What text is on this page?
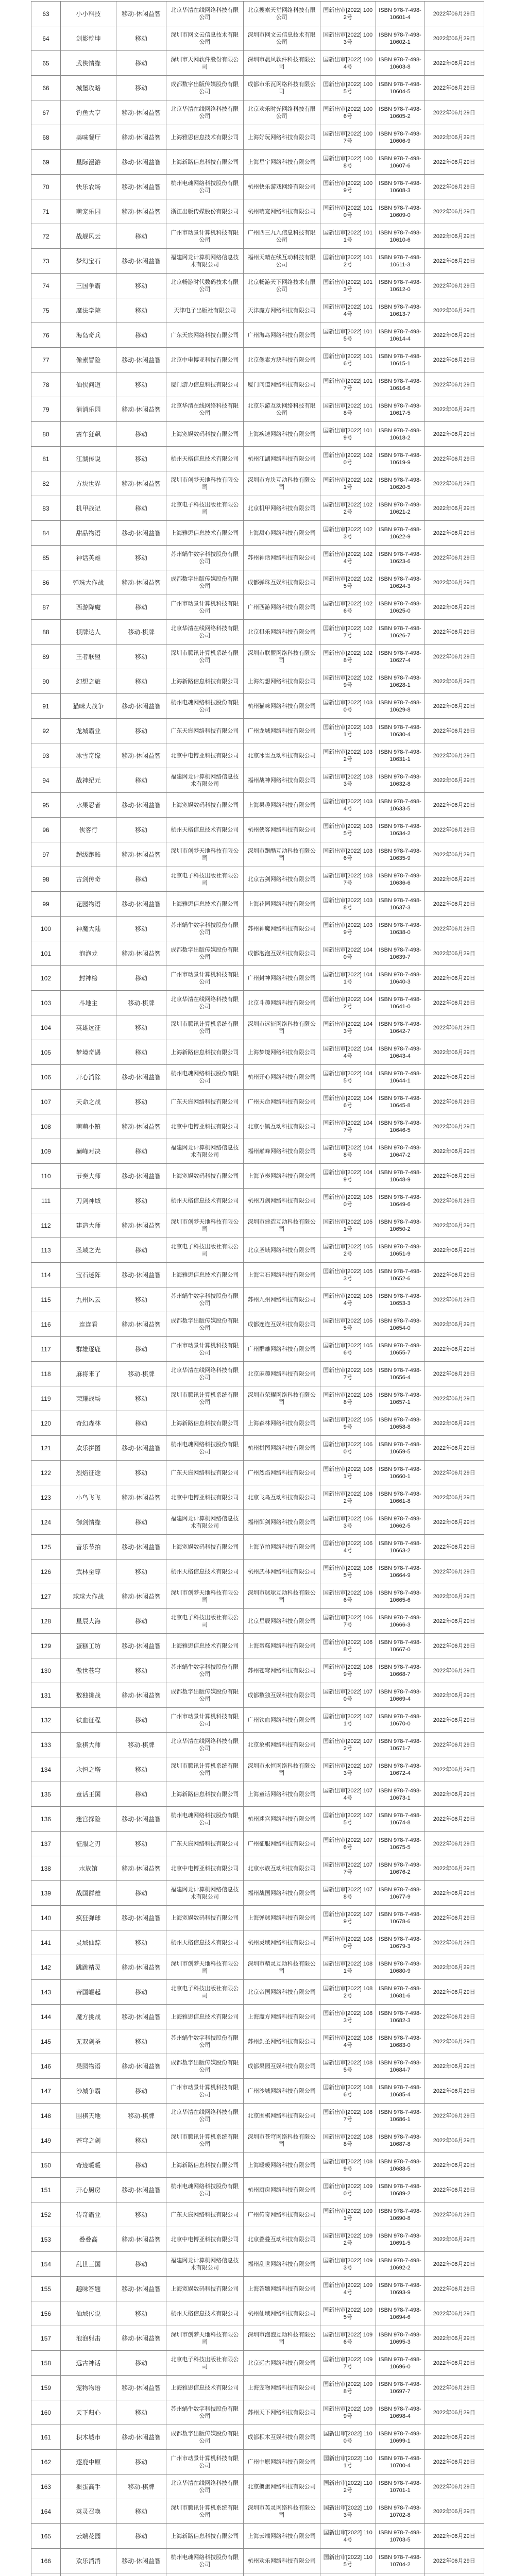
63	小小科技	移动·休闲益智	北京华清在线网络科技有限公司	北京搜索天堂网络科技有限公司	国新出审[2022] 1002号	ISBN 978-7-498-10601-4	2022年06月29日
64	剑影乾坤	移动	深圳市网文云信息技术有限公司	深圳市网文云信息技术有限公司	国新出审[2022] 1003号	ISBN 978-7-498-10602-1	2022年06月29日
65	武侠情缘	移动	深圳市天网软件股份有限公司	深圳市晨风软件科技有限公司	国新出审[2022] 1004号	ISBN 978-7-498-10603-8	2022年06月29日
66	城堡攻略	移动	成都数字出版传媒股份有限公司	成都市乐瓦网络科技有限公司	国新出审[2022] 1005号	ISBN 978-7-498-10604-5	2022年06月29日
67	钓鱼大亨	移动·休闲益智	北京华清在线网络科技有限公司	北京欢乐时光网络科技有限公司	国新出审[2022] 1006号	ISBN 978-7-498-10605-2	2022年06月29日
68	美味餐厅	移动·休闲益智	上海雅思信息技术有限公司	上海好玩网络科技有限公司	国新出审[2022] 1007号	ISBN 978-7-498-10606-9	2022年06月29日
69	星际漫游	移动·休闲益智	上海新路信息科技有限公司	上海星宇网络科技有限公司	国新出审[2022] 1008号	ISBN 978-7-498-10607-6	2022年06月29日
70	快乐农场	移动·休闲益智	杭州电魂网络科技股份有限公司	杭州快乐游戏网络有限公司	国新出审[2022] 1009号	ISBN 978-7-498-10608-3	2022年06月29日
71	萌宠乐园	移动·休闲益智	浙江出版传媒股份有限公司	杭州萌宠网络科技有限公司	国新出审[2022] 1010号	ISBN 978-7-498-10609-0	2022年06月29日
72	战舰风云	移动	广州市动景计算机科技有限公司	广州四三九九信息科技有限公司	国新出审[2022] 1011号	ISBN 978-7-498-10610-6	2022年06月29日
73	梦幻宝石	移动·休闲益智	福建网龙计算机网络信息技术有限公司	福州天晴在线互动科技有限公司	国新出审[2022] 1012号	ISBN 978-7-498-10611-3	2022年06月29日
74	三国争霸	移动	北京畅游时代数码技术有限公司	北京畅游天下网络技术有限公司	国新出审[2022] 1013号	ISBN 978-7-498-10612-0	2022年06月29日
75	魔法学院	移动	天津电子出版社有限公司	天津魔方网络科技有限公司	国新出审[2022] 1014号	ISBN 978-7-498-10613-7	2022年06月29日
76	海岛奇兵	移动	广东天宸网络科技有限公司	广州海岛网络科技有限公司	国新出审[2022] 1015号	ISBN 978-7-498-10614-4	2022年06月29日
77	像素冒险	移动·休闲益智	北京中电博亚科技有限公司	北京像素方块科技有限公司	国新出审[2022] 1016号	ISBN 978-7-498-10615-1	2022年06月29日
78	仙侠问道	移动	厦门游力信息科技有限公司	厦门问道网络科技有限公司	国新出审[2022] 1017号	ISBN 978-7-498-10616-8	2022年06月29日
79	消消乐园	移动·休闲益智	北京华清在线网络科技有限公司	北京乐游互动网络科技有限公司	国新出审[2022] 1018号	ISBN 978-7-498-10617-5	2022年06月29日
80	赛车狂飙	移动	上海宽娱数码科技有限公司	上海疾速网络科技有限公司	国新出审[2022] 1019号	ISBN 978-7-498-10618-2	2022年06月29日
81	江湖传说	移动	杭州天格信息技术有限公司	杭州江湖网络科技有限公司	国新出审[2022] 1020号	ISBN 978-7-498-10619-9	2022年06月29日
82	方块世界	移动·休闲益智	深圳市创梦天地科技有限公司	深圳市方块互动科技有限公司	国新出审[2022] 1021号	ISBN 978-7-498-10620-5	2022年06月29日
83	机甲战记	移动	北京电子科技出版社有限公司	北京机甲网络科技有限公司	国新出审[2022] 1022号	ISBN 978-7-498-10621-2	2022年06月29日
84	甜品物语	移动·休闲益智	上海雅思信息技术有限公司	上海甜心网络科技有限公司	国新出审[2022] 1023号	ISBN 978-7-498-10622-9	2022年06月29日
85	神话英雄	移动	苏州蜗牛数字科技股份有限公司	苏州神话网络科技有限公司	国新出审[2022] 1024号	ISBN 978-7-498-10623-6	2022年06月29日
86	弹珠大作战	移动·休闲益智	成都数字出版传媒股份有限公司	成都弹珠互娱科技有限公司	国新出审[2022] 1025号	ISBN 978-7-498-10624-3	2022年06月29日
87	西游降魔	移动	广州市动景计算机科技有限公司	广州西游网络科技有限公司	国新出审[2022] 1026号	ISBN 978-7-498-10625-0	2022年06月29日
88	棋牌达人	移动·棋牌	北京华清在线网络科技有限公司	北京棋乐网络科技有限公司	国新出审[2022] 1027号	ISBN 978-7-498-10626-7	2022年06月29日
89	王者联盟	移动	深圳市腾讯计算机系统有限公司	深圳市联盟网络科技有限公司	国新出审[2022] 1028号	ISBN 978-7-498-10627-4	2022年06月29日
90	幻想之旅	移动	上海新路信息科技有限公司	上海幻想网络科技有限公司	国新出审[2022] 1029号	ISBN 978-7-498-10628-1	2022年06月29日
91	猫咪大战争	移动·休闲益智	杭州电魂网络科技股份有限公司	杭州猫咪网络科技有限公司	国新出审[2022] 1030号	ISBN 978-7-498-10629-8	2022年06月29日
92	龙城霸业	移动	广东天宸网络科技有限公司	广州龙城网络科技有限公司	国新出审[2022] 1031号	ISBN 978-7-498-10630-4	2022年06月29日
93	冰雪奇缘	移动·休闲益智	北京中电博亚科技有限公司	北京冰雪互动科技有限公司	国新出审[2022] 1032号	ISBN 978-7-498-10631-1	2022年06月29日
94	战神纪元	移动	福建网龙计算机网络信息技术有限公司	福州战神网络科技有限公司	国新出审[2022] 1033号	ISBN 978-7-498-10632-8	2022年06月29日
95	水果忍者	移动·休闲益智	上海宽娱数码科技有限公司	上海果趣网络科技有限公司	国新出审[2022] 1034号	ISBN 978-7-498-10633-5	2022年06月29日
96	侠客行	移动	杭州天格信息技术有限公司	杭州侠客网络科技有限公司	国新出审[2022] 1035号	ISBN 978-7-498-10634-2	2022年06月29日
97	超级跑酷	移动·休闲益智	深圳市创梦天地科技有限公司	深圳市跑酷互动科技有限公司	国新出审[2022] 1036号	ISBN 978-7-498-10635-9	2022年06月29日
98	古剑传奇	移动	北京电子科技出版社有限公司	北京古剑网络科技有限公司	国新出审[2022] 1037号	ISBN 978-7-498-10636-6	2022年06月29日
99	花园物语	移动·休闲益智	上海雅思信息技术有限公司	上海花园网络科技有限公司	国新出审[2022] 1038号	ISBN 978-7-498-10637-3	2022年06月29日
100	神魔大陆	移动	苏州蜗牛数字科技股份有限公司	苏州神魔网络科技有限公司	国新出审[2022] 1039号	ISBN 978-7-498-10638-0	2022年06月29日
101	泡泡龙	移动·休闲益智	成都数字出版传媒股份有限公司	成都泡泡互娱科技有限公司	国新出审[2022] 1040号	ISBN 978-7-498-10639-7	2022年06月29日
102	封神榜	移动	广州市动景计算机科技有限公司	广州封神网络科技有限公司	国新出审[2022] 1041号	ISBN 978-7-498-10640-3	2022年06月29日
103	斗地主	移动·棋牌	北京华清在线网络科技有限公司	北京斗趣网络科技有限公司	国新出审[2022] 1042号	ISBN 978-7-498-10641-0	2022年06月29日
104	英雄远征	移动	深圳市腾讯计算机系统有限公司	深圳市远征网络科技有限公司	国新出审[2022] 1043号	ISBN 978-7-498-10642-7	2022年06月29日
105	梦境奇遇	移动	上海新路信息科技有限公司	上海梦境网络科技有限公司	国新出审[2022] 1044号	ISBN 978-7-498-10643-4	2022年06月29日
106	开心消除	移动·休闲益智	杭州电魂网络科技股份有限公司	杭州开心网络科技有限公司	国新出审[2022] 1045号	ISBN 978-7-498-10644-1	2022年06月29日
107	天命之战	移动	广东天宸网络科技有限公司	广州天命网络科技有限公司	国新出审[2022] 1046号	ISBN 978-7-498-10645-8	2022年06月29日
108	萌萌小镇	移动·休闲益智	北京中电博亚科技有限公司	北京小镇互动科技有限公司	国新出审[2022] 1047号	ISBN 978-7-498-10646-5	2022年06月29日
109	巅峰对决	移动	福建网龙计算机网络信息技术有限公司	福州巅峰网络科技有限公司	国新出审[2022] 1048号	ISBN 978-7-498-10647-2	2022年06月29日
110	节奏大师	移动·休闲益智	上海宽娱数码科技有限公司	上海节奏网络科技有限公司	国新出审[2022] 1049号	ISBN 978-7-498-10648-9	2022年06月29日
111	刀剑神域	移动	杭州天格信息技术有限公司	杭州刀剑网络科技有限公司	国新出审[2022] 1050号	ISBN 978-7-498-10649-6	2022年06月29日
112	建造大师	移动·休闲益智	深圳市创梦天地科技有限公司	深圳市建造互动科技有限公司	国新出审[2022] 1051号	ISBN 978-7-498-10650-2	2022年06月29日
113	圣域之光	移动	北京电子科技出版社有限公司	北京圣域网络科技有限公司	国新出审[2022] 1052号	ISBN 978-7-498-10651-9	2022年06月29日
114	宝石迷阵	移动·休闲益智	上海雅思信息技术有限公司	上海宝石网络科技有限公司	国新出审[2022] 1053号	ISBN 978-7-498-10652-6	2022年06月29日
115	九州风云	移动	苏州蜗牛数字科技股份有限公司	苏州九州网络科技有限公司	国新出审[2022] 1054号	ISBN 978-7-498-10653-3	2022年06月29日
116	连连看	移动·休闲益智	成都数字出版传媒股份有限公司	成都连连互娱科技有限公司	国新出审[2022] 1055号	ISBN 978-7-498-10654-0	2022年06月29日
117	群雄逐鹿	移动	广州市动景计算机科技有限公司	广州群雄网络科技有限公司	国新出审[2022] 1056号	ISBN 978-7-498-10655-7	2022年06月29日
118	麻将来了	移动·棋牌	北京华清在线网络科技有限公司	北京麻趣网络科技有限公司	国新出审[2022] 1057号	ISBN 978-7-498-10656-4	2022年06月29日
119	荣耀战场	移动	深圳市腾讯计算机系统有限公司	深圳市荣耀网络科技有限公司	国新出审[2022] 1058号	ISBN 978-7-498-10657-1	2022年06月29日
120	奇幻森林	移动	上海新路信息科技有限公司	上海森林网络科技有限公司	国新出审[2022] 1059号	ISBN 978-7-498-10658-8	2022年06月29日
121	欢乐拼图	移动·休闲益智	杭州电魂网络科技股份有限公司	杭州拼图网络科技有限公司	国新出审[2022] 1060号	ISBN 978-7-498-10659-5	2022年06月29日
122	烈焰征途	移动	广东天宸网络科技有限公司	广州烈焰网络科技有限公司	国新出审[2022] 1061号	ISBN 978-7-498-10660-1	2022年06月29日
123	小鸟飞飞	移动·休闲益智	北京中电博亚科技有限公司	北京飞鸟互动科技有限公司	国新出审[2022] 1062号	ISBN 978-7-498-10661-8	2022年06月29日
124	御剑情缘	移动	福建网龙计算机网络信息技术有限公司	福州御剑网络科技有限公司	国新出审[2022] 1063号	ISBN 978-7-498-10662-5	2022年06月29日
125	音乐节拍	移动·休闲益智	上海宽娱数码科技有限公司	上海节拍网络科技有限公司	国新出审[2022] 1064号	ISBN 978-7-498-10663-2	2022年06月29日
126	武林至尊	移动	杭州天格信息技术有限公司	杭州武林网络科技有限公司	国新出审[2022] 1065号	ISBN 978-7-498-10664-9	2022年06月29日
127	球球大作战	移动·休闲益智	深圳市创梦天地科技有限公司	深圳市球球互动科技有限公司	国新出审[2022] 1066号	ISBN 978-7-498-10665-6	2022年06月29日
128	星辰大海	移动	北京电子科技出版社有限公司	北京星辰网络科技有限公司	国新出审[2022] 1067号	ISBN 978-7-498-10666-3	2022年06月29日
129	蛋糕工坊	移动·休闲益智	上海雅思信息技术有限公司	上海蛋糕网络科技有限公司	国新出审[2022] 1068号	ISBN 978-7-498-10667-0	2022年06月29日
130	傲世苍穹	移动	苏州蜗牛数字科技股份有限公司	苏州苍穹网络科技有限公司	国新出审[2022] 1069号	ISBN 978-7-498-10668-7	2022年06月29日
131	数独挑战	移动·休闲益智	成都数字出版传媒股份有限公司	成都数独互娱科技有限公司	国新出审[2022] 1070号	ISBN 978-7-498-10669-4	2022年06月29日
132	铁血征程	移动	广州市动景计算机科技有限公司	广州铁血网络科技有限公司	国新出审[2022] 1071号	ISBN 978-7-498-10670-0	2022年06月29日
133	象棋大师	移动·棋牌	北京华清在线网络科技有限公司	北京象棋网络科技有限公司	国新出审[2022] 1072号	ISBN 978-7-498-10671-7	2022年06月29日
134	永恒之塔	移动	深圳市腾讯计算机系统有限公司	深圳市永恒网络科技有限公司	国新出审[2022] 1073号	ISBN 978-7-498-10672-4	2022年06月29日
135	童话王国	移动	上海新路信息科技有限公司	上海童话网络科技有限公司	国新出审[2022] 1074号	ISBN 978-7-498-10673-1	2022年06月29日
136	迷宫探险	移动·休闲益智	杭州电魂网络科技股份有限公司	杭州迷宫网络科技有限公司	国新出审[2022] 1075号	ISBN 978-7-498-10674-8	2022年06月29日
137	征服之刃	移动	广东天宸网络科技有限公司	广州征服网络科技有限公司	国新出审[2022] 1076号	ISBN 978-7-498-10675-5	2022年06月29日
138	水族馆	移动·休闲益智	北京中电博亚科技有限公司	北京水族互动科技有限公司	国新出审[2022] 1077号	ISBN 978-7-498-10676-2	2022年06月29日
139	战国群雄	移动	福建网龙计算机网络信息技术有限公司	福州战国网络科技有限公司	国新出审[2022] 1078号	ISBN 978-7-498-10677-9	2022年06月29日
140	疯狂弹球	移动·休闲益智	上海宽娱数码科技有限公司	上海弹球网络科技有限公司	国新出审[2022] 1079号	ISBN 978-7-498-10678-6	2022年06月29日
141	灵域仙踪	移动	杭州天格信息技术有限公司	杭州灵域网络科技有限公司	国新出审[2022] 1080号	ISBN 978-7-498-10679-3	2022年06月29日
142	跳跳精灵	移动·休闲益智	深圳市创梦天地科技有限公司	深圳市精灵互动科技有限公司	国新出审[2022] 1081号	ISBN 978-7-498-10680-9	2022年06月29日
143	帝国崛起	移动	北京电子科技出版社有限公司	北京帝国网络科技有限公司	国新出审[2022] 1082号	ISBN 978-7-498-10681-6	2022年06月29日
144	魔方挑战	移动·休闲益智	上海雅思信息技术有限公司	上海魔方网络科技有限公司	国新出审[2022] 1083号	ISBN 978-7-498-10682-3	2022年06月29日
145	无双剑圣	移动	苏州蜗牛数字科技股份有限公司	苏州剑圣网络科技有限公司	国新出审[2022] 1084号	ISBN 978-7-498-10683-0	2022年06月29日
146	果园物语	移动·休闲益智	成都数字出版传媒股份有限公司	成都果园互娱科技有限公司	国新出审[2022] 1085号	ISBN 978-7-498-10684-7	2022年06月29日
147	沙城争霸	移动	广州市动景计算机科技有限公司	广州沙城网络科技有限公司	国新出审[2022] 1086号	ISBN 978-7-498-10685-4	2022年06月29日
148	围棋天地	移动·棋牌	北京华清在线网络科技有限公司	北京围棋网络科技有限公司	国新出审[2022] 1087号	ISBN 978-7-498-10686-1	2022年06月29日
149	苍穹之剑	移动	深圳市腾讯计算机系统有限公司	深圳市苍穹网络科技有限公司	国新出审[2022] 1088号	ISBN 978-7-498-10687-8	2022年06月29日
150	奇迹暖暖	移动	上海新路信息科技有限公司	上海暖暖网络科技有限公司	国新出审[2022] 1089号	ISBN 978-7-498-10688-5	2022年06月29日
151	开心厨房	移动·休闲益智	杭州电魂网络科技股份有限公司	杭州厨房网络科技有限公司	国新出审[2022] 1090号	ISBN 978-7-498-10689-2	2022年06月29日
152	传奇霸业	移动	广东天宸网络科技有限公司	广州传奇网络科技有限公司	国新出审[2022] 1091号	ISBN 978-7-498-10690-8	2022年06月29日
153	叠叠高	移动·休闲益智	北京中电博亚科技有限公司	北京叠叠互动科技有限公司	国新出审[2022] 1092号	ISBN 978-7-498-10691-5	2022年06月29日
154	乱世三国	移动	福建网龙计算机网络信息技术有限公司	福州乱世网络科技有限公司	国新出审[2022] 1093号	ISBN 978-7-498-10692-2	2022年06月29日
155	趣味答题	移动·休闲益智	上海宽娱数码科技有限公司	上海答题网络科技有限公司	国新出审[2022] 1094号	ISBN 978-7-498-10693-9	2022年06月29日
156	仙域传说	移动	杭州天格信息技术有限公司	杭州仙域网络科技有限公司	国新出审[2022] 1095号	ISBN 978-7-498-10694-6	2022年06月29日
157	泡泡射击	移动·休闲益智	深圳市创梦天地科技有限公司	深圳市泡泡互动科技有限公司	国新出审[2022] 1096号	ISBN 978-7-498-10695-3	2022年06月29日
158	远古神话	移动	北京电子科技出版社有限公司	北京远古网络科技有限公司	国新出审[2022] 1097号	ISBN 978-7-498-10696-0	2022年06月29日
159	宠物物语	移动·休闲益智	上海雅思信息技术有限公司	上海宠物网络科技有限公司	国新出审[2022] 1098号	ISBN 978-7-498-10697-7	2022年06月29日
160	天下归心	移动	苏州蜗牛数字科技股份有限公司	苏州天下网络科技有限公司	国新出审[2022] 1099号	ISBN 978-7-498-10698-4	2022年06月29日
161	积木城市	移动·休闲益智	成都数字出版传媒股份有限公司	成都积木互娱科技有限公司	国新出审[2022] 1100号	ISBN 978-7-498-10699-1	2022年06月29日
162	逐鹿中原	移动	广州市动景计算机科技有限公司	广州中原网络科技有限公司	国新出审[2022] 1101号	ISBN 978-7-498-10700-4	2022年06月29日
163	掼蛋高手	移动·棋牌	北京华清在线网络科技有限公司	北京掼蛋网络科技有限公司	国新出审[2022] 1102号	ISBN 978-7-498-10701-1	2022年06月29日
164	英灵召唤	移动	深圳市腾讯计算机系统有限公司	深圳市英灵网络科技有限公司	国新出审[2022] 1103号	ISBN 978-7-498-10702-8	2022年06月29日
165	云端花园	移动	上海新路信息科技有限公司	上海云端网络科技有限公司	国新出审[2022] 1104号	ISBN 978-7-498-10703-5	2022年06月29日
166	欢乐消消	移动·休闲益智	杭州电魂网络科技股份有限公司	杭州欢乐网络科技有限公司	国新出审[2022] 1105号	ISBN 978-7-498-10704-2	2022年06月29日
